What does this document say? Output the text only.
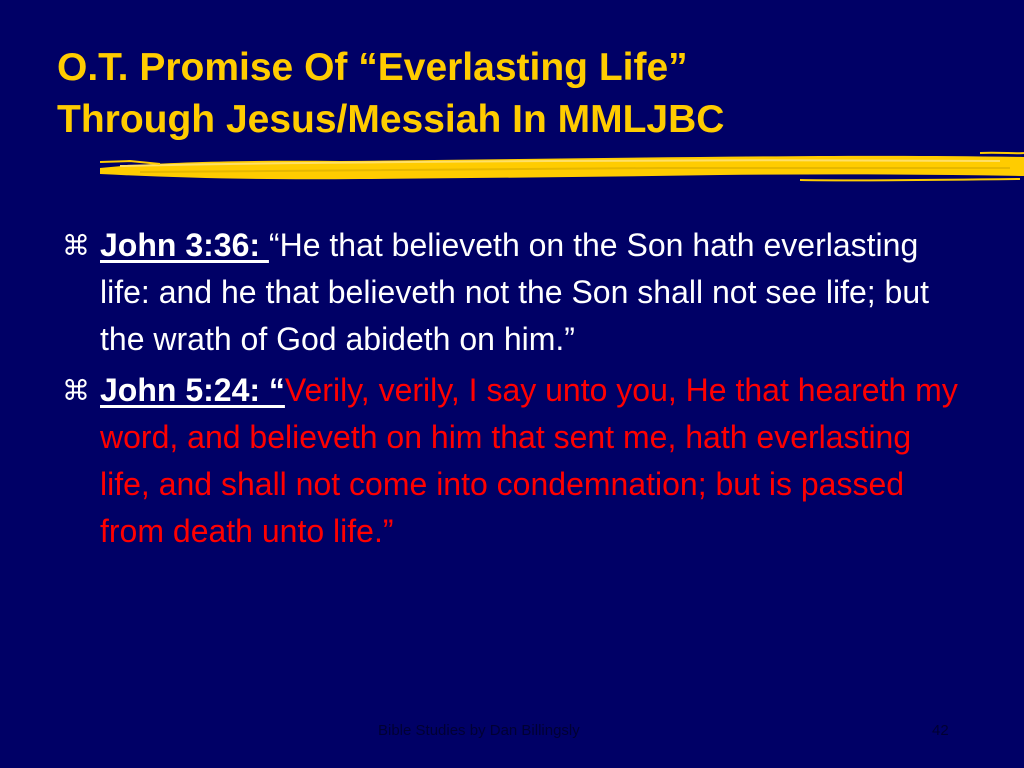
O.T. Promise Of “Everlasting Life”
Through Jesus/Messiah In MMLJBC
⌘ John 3:36: “He that believeth on the Son hath everlasting life: and he that believeth not the Son shall not see life; but the wrath of God abideth on him.”
⌘ John 5:24: “Verily, verily, I say unto you, He that heareth my word, and believeth on him that sent me, hath everlasting life, and shall not come into condemnation; but is passed from death unto life.”
Bible Studies by Dan Billingsly	42
